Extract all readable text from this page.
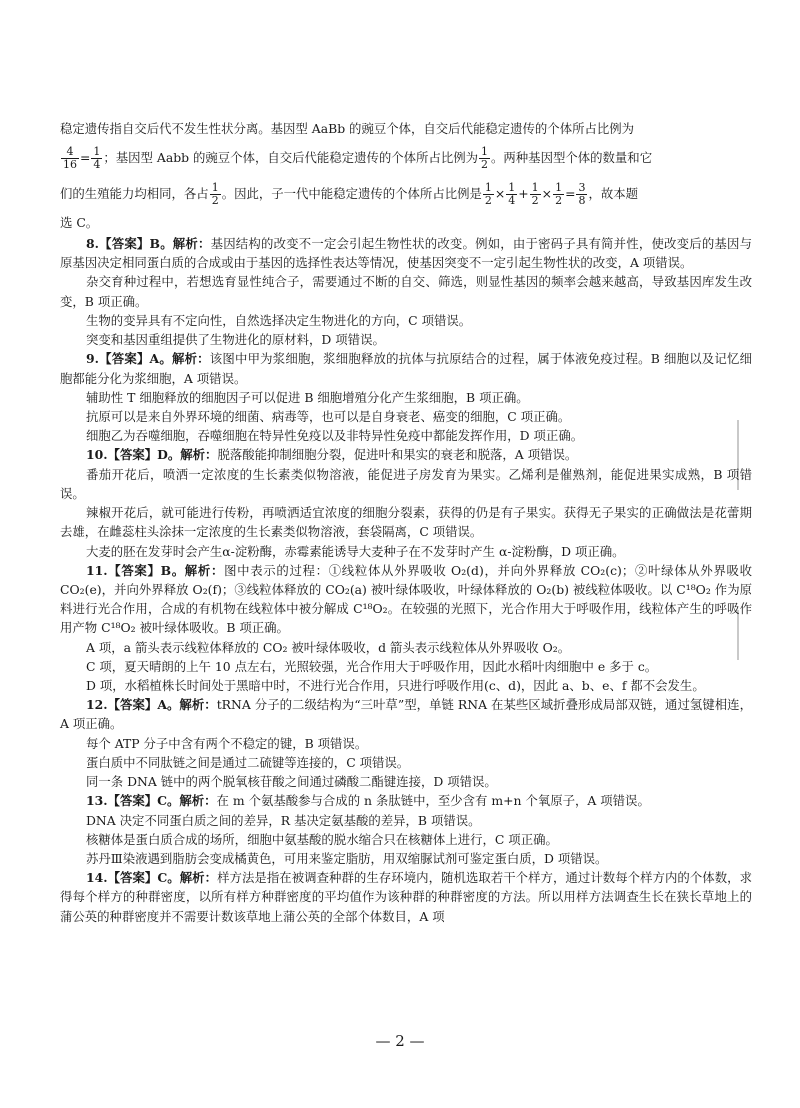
稳定遗传指自交后代不发生性状分离。基因型 AaBb 的豌豆个体，自交后代能稳定遗传的个体所占比例为
$\frac{4}{16} = \frac{1}{4}$ ；基因型 Aabb 的豌豆个体，自交后代能稳定遗传的个体所占比例为 $\frac{1}{2}$ 。两种基因型个体的数量和它
们的生殖能力均相同，各占 $\frac{1}{2}$ 。因此，子一代中能稳定遗传的个体所占比例是 $\frac{1}{2} \times \frac{1}{4} + \frac{1}{2} \times \frac{1}{2} = \frac{3}{8}$ ，故本题
选 C。

8.【答案】B。解析：基因结构的改变不一定会引起生物性状的改变。例如，由于密码子具有简并性，使改变后的基因与原基因决定相同蛋白质的合成或由于基因的选择性表达等情况，使基因突变不一定引起生物性状的改变，A 项错误。

杂交育种过程中，若想选育显性纯合子，需要通过不断的自交、筛选，则显性基因的频率会越来越高，导致基因库发生改变，B 项正确。

生物的变异具有不定向性，自然选择决定生物进化的方向，C 项错误。

突变和基因重组提供了生物进化的原材料，D 项错误。

9.【答案】A。解析：该图中甲为浆细胞，浆细胞释放的抗体与抗原结合的过程，属于体液免疫过程。B 细胞以及记忆细胞都能分化为浆细胞，A 项错误。

辅助性 T 细胞释放的细胞因子可以促进 B 细胞增殖分化产生浆细胞，B 项正确。

抗原可以是来自外界环境的细菌、病毒等，也可以是自身衰老、癌变的细胞，C 项正确。

细胞乙为吞噬细胞，吞噬细胞在特异性免疫以及非特异性免疫中都能发挥作用，D 项正确。

10.【答案】D。解析：脱落酸能抑制细胞分裂，促进叶和果实的衰老和脱落，A 项错误。

番茄开花后，喷洒一定浓度的生长素类似物溶液，能促进子房发育为果实。乙烯利是催熟剂，能促进果实成熟，B 项错误。

辣椒开花后，就可能进行传粉，再喷洒适宜浓度的细胞分裂素，获得的仍是有子果实。获得无子果实的正确做法是花蕾期去雄，在雌蕊柱头涂抹一定浓度的生长素类似物溶液，套袋隔离，C 项错误。

大麦的胚在发芽时会产生α-淀粉酶，赤霉素能诱导大麦种子在不发芽时产生 α-淀粉酶，D 项正确。

11.【答案】B。解析：图中表示的过程：①线粒体从外界吸收 O₂(d)，并向外界释放 CO₂(c)；②叶绿体从外界吸收 CO₂(e)，并向外界释放 O₂(f)；③线粒体释放的 CO₂(a) 被叶绿体吸收，叶绿体释放的 O₂(b) 被线粒体吸收。以 C¹⁸O₂ 作为原料进行光合作用，合成的有机物在线粒体中被分解成 C¹⁸O₂。在较强的光照下，光合作用大于呼吸作用，线粒体产生的呼吸作用产物 C¹⁸O₂ 被叶绿体吸收。B 项正确。

A 项，a 箭头表示线粒体释放的 CO₂ 被叶绿体吸收，d 箭头表示线粒体从外界吸收 O₂。

C 项，夏天晴朗的上午 10 点左右，光照较强，光合作用大于呼吸作用，因此水稻叶肉细胞中 e 多于 c。

D 项，水稻植株长时间处于黑暗中时，不进行光合作用，只进行呼吸作用(c、d)，因此 a、b、e、f 都不会发生。

12.【答案】A。解析：tRNA 分子的二级结构为“三叶草”型，单链 RNA 在某些区域折叠形成局部双链，通过氢键相连，A 项正确。

每个 ATP 分子中含有两个不稳定的键，B 项错误。

蛋白质中不同肽链之间是通过二硫键等连接的，C 项错误。

同一条 DNA 链中的两个脱氧核苷酸之间通过磷酸二酯键连接，D 项错误。

13.【答案】C。解析：在 m 个氨基酸参与合成的 n 条肽链中，至少含有 m+n 个氧原子，A 项错误。

DNA 决定不同蛋白质之间的差异，R 基决定氨基酸的差异，B 项错误。

核糖体是蛋白质合成的场所，细胞中氨基酸的脱水缩合只在核糖体上进行，C 项正确。

苏丹Ⅲ染液遇到脂肪会变成橘黄色，可用来鉴定脂肪，用双缩脲试剂可鉴定蛋白质，D 项错误。

14.【答案】C。解析：样方法是指在被调查种群的生存环境内，随机选取若干个样方，通过计数每个样方内的个体数，求得每个样方的种群密度，以所有样方种群密度的平均值作为该种群的种群密度的方法。所以用样方法调查生长在狭长草地上的蒲公英的种群密度并不需要计数该草地上蒲公英的全部个体数目，A 项

— 2 —
